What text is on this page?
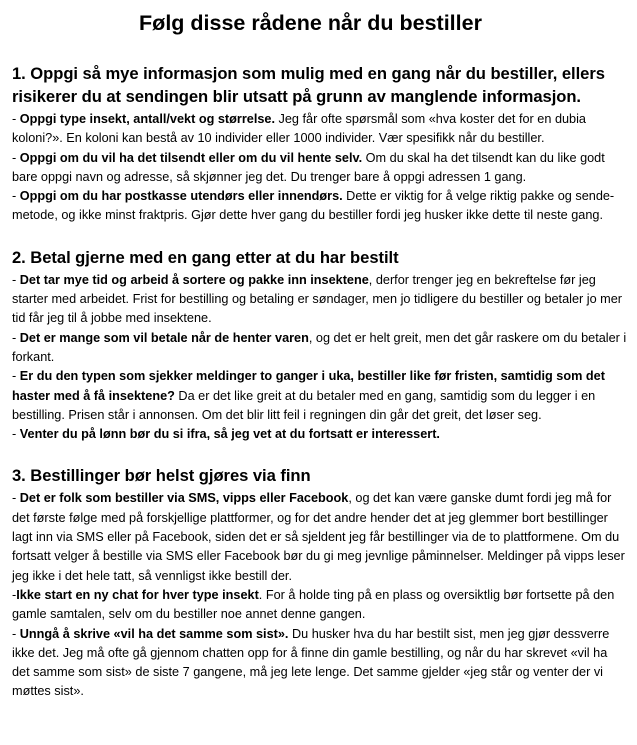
Følg disse rådene når du bestiller
1. Oppgi så mye informasjon som mulig med en gang når du bestiller, ellers risikerer du at sendingen blir utsatt på grunn av manglende informasjon.

- Oppgi type insekt, antall/vekt og størrelse. Jeg får ofte spørsmål som «hva koster det for en dubia koloni?». En koloni kan bestå av 10 individer eller 1000 individer. Vær spesifikk når du bestiller.

- Oppgi om du vil ha det tilsendt eller om du vil hente selv. Om du skal ha det tilsendt kan du like godt bare oppgi navn og adresse, så skjønner jeg det. Du trenger bare å oppgi adressen 1 gang.

- Oppgi om du har postkasse utendørs eller innendørs. Dette er viktig for å velge riktig pakke og sende-metode, og ikke minst fraktpris. Gjør dette hver gang du bestiller fordi jeg husker ikke dette til neste gang.

2. Betal gjerne med en gang etter at du har bestilt

- Det tar mye tid og arbeid å sortere og pakke inn insektene, derfor trenger jeg en bekreftelse før jeg starter med arbeidet. Frist for bestilling og betaling er søndager, men jo tidligere du bestiller og betaler jo mer tid får jeg til å jobbe med insektene.

- Det er mange som vil betale når de henter varen, og det er helt greit, men det går raskere om du betaler i forkant.

- Er du den typen som sjekker meldinger to ganger i uka, bestiller like før fristen, samtidig som det haster med å få insektene? Da er det like greit at du betaler med en gang, samtidig som du legger i en bestilling. Prisen står i annonsen. Om det blir litt feil i regningen din går det greit, det løser seg.

- Venter du på lønn bør du si ifra, så jeg vet at du fortsatt er interessert.

3. Bestillinger bør helst gjøres via finn

- Det er folk som bestiller via SMS, vipps eller Facebook, og det kan være ganske dumt fordi jeg må for det første følge med på forskjellige plattformer, og for det andre hender det at jeg glemmer bort bestillinger lagt inn via SMS eller på Facebook, siden det er så sjeldent jeg får bestillinger via de to plattformene. Om du fortsatt velger å bestille via SMS eller Facebook bør du gi meg jevnlige påminnelser. Meldinger på vipps leser jeg ikke i det hele tatt, så vennligst ikke bestill der.

-Ikke start en ny chat for hver type insekt. For å holde ting på en plass og oversiktlig bør fortsette på den gamle samtalen, selv om du bestiller noe annet denne gangen.

- Unngå å skrive «vil ha det samme som sist». Du husker hva du har bestilt sist, men jeg gjør dessverre ikke det. Jeg må ofte gå gjennom chatten opp for å finne din gamle bestilling, og når du har skrevet «vil ha det samme som sist» de siste 7 gangene, må jeg lete lenge. Det samme gjelder «jeg står og venter der vi møttes sist».
